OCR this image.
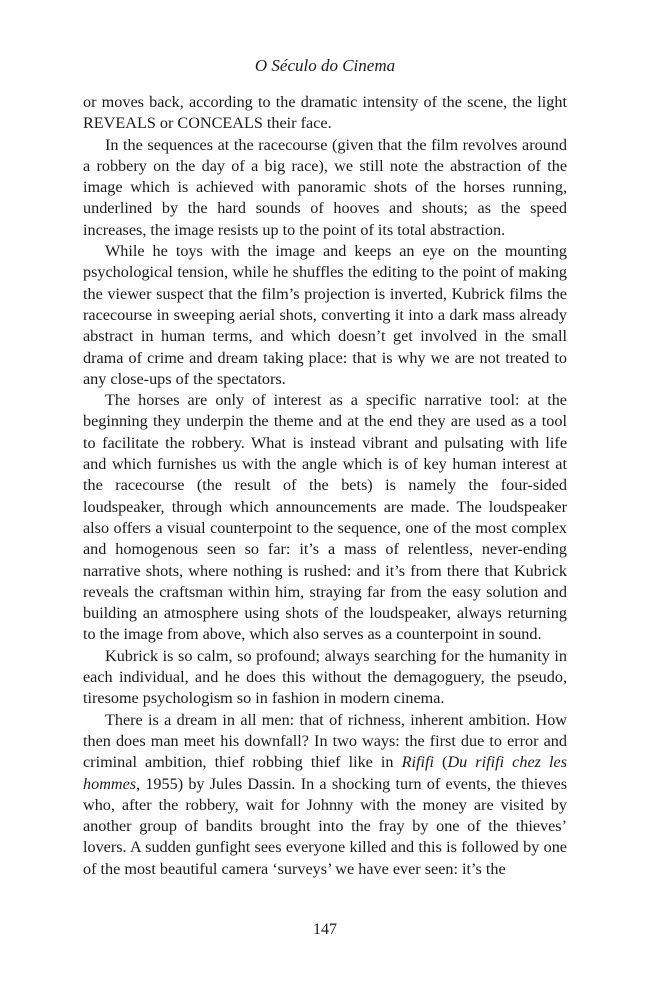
O Século do Cinema

or moves back, according to the dramatic intensity of the scene, the light REVEALS or CONCEALS their face.

In the sequences at the racecourse (given that the film revolves around a robbery on the day of a big race), we still note the abstraction of the image which is achieved with panoramic shots of the horses running, underlined by the hard sounds of hooves and shouts; as the speed increases, the image resists up to the point of its total abstraction.

While he toys with the image and keeps an eye on the mounting psychological tension, while he shuffles the editing to the point of making the viewer suspect that the film’s projection is inverted, Kubrick films the racecourse in sweeping aerial shots, converting it into a dark mass already abstract in human terms, and which doesn’t get involved in the small drama of crime and dream taking place: that is why we are not treated to any close-ups of the spectators.

The horses are only of interest as a specific narrative tool: at the beginning they underpin the theme and at the end they are used as a tool to facilitate the robbery. What is instead vibrant and pulsating with life and which furnishes us with the angle which is of key human interest at the racecourse (the result of the bets) is namely the four-sided loudspeaker, through which announcements are made. The loudspeaker also offers a visual counterpoint to the sequence, one of the most complex and homogenous seen so far: it’s a mass of relentless, never-ending narrative shots, where nothing is rushed: and it’s from there that Kubrick reveals the craftsman within him, straying far from the easy solution and building an atmosphere using shots of the loudspeaker, always returning to the image from above, which also serves as a counterpoint in sound.

Kubrick is so calm, so profound; always searching for the humanity in each individual, and he does this without the demagoguery, the pseudo, tiresome psychologism so in fashion in modern cinema.

There is a dream in all men: that of richness, inherent ambition. How then does man meet his downfall? In two ways: the first due to error and criminal ambition, thief robbing thief like in Rififi (Du rififi chez les hommes, 1955) by Jules Dassin. In a shocking turn of events, the thieves who, after the robbery, wait for Johnny with the money are visited by another group of bandits brought into the fray by one of the thieves’ lovers. A sudden gunfight sees everyone killed and this is followed by one of the most beautiful camera ‘surveys’ we have ever seen: it’s the

147
